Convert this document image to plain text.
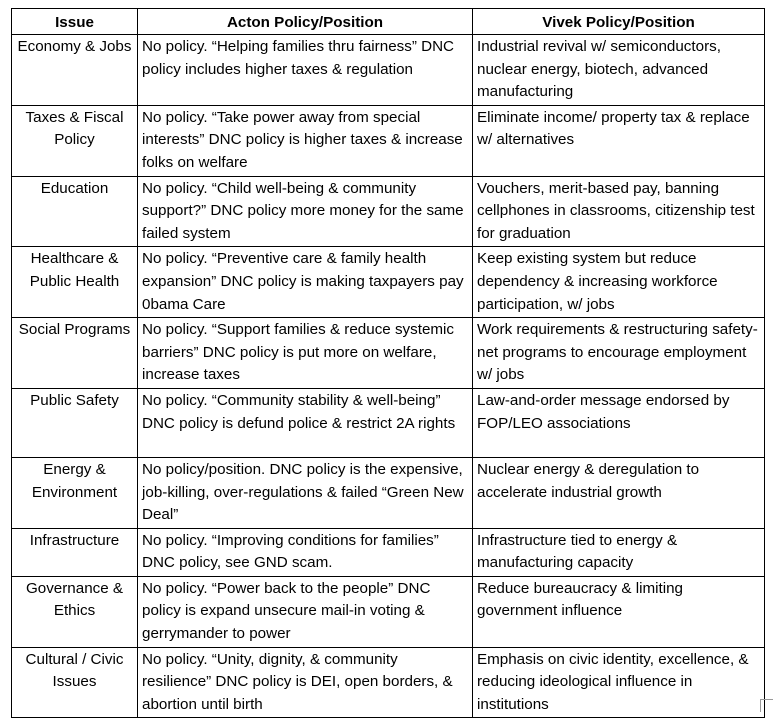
Issue	Acton Policy/Position	Vivek Policy/Position
Economy & Jobs	No policy. “Helping families thru fairness” DNC policy includes higher taxes & regulation	Industrial revival w/ semiconductors, nuclear energy, biotech, advanced manufacturing
Taxes & Fiscal Policy	No policy. “Take power away from special interests” DNC policy is higher taxes & increase folks on welfare	Eliminate income/ property tax & replace w/ alternatives
Education	No policy. “Child well-being & community support?” DNC policy more money for the same failed system	Vouchers, merit-based pay, banning cellphones in classrooms, citizenship test for graduation
Healthcare & Public Health	No policy. “Preventive care & family health expansion” DNC policy is making taxpayers pay 0bama Care	Keep existing system but reduce dependency & increasing workforce participation, w/ jobs
Social Programs	No policy. “Support families & reduce systemic barriers” DNC policy is put more on welfare, increase taxes	Work requirements & restructuring safety-net programs to encourage employment w/ jobs
Public Safety	No policy. “Community stability & well-being” DNC policy is defund police & restrict 2A rights	Law-and-order message endorsed by FOP/LEO associations
Energy & Environment	No policy/position. DNC policy is the expensive, job-killing, over-regulations & failed “Green New Deal”	Nuclear energy & deregulation to accelerate industrial growth
Infrastructure	No policy. “Improving conditions for families” DNC policy, see GND scam.	Infrastructure tied to energy & manufacturing capacity
Governance & Ethics	No policy. “Power back to the people” DNC policy is expand unsecure mail-in voting & gerrymander to power	Reduce bureaucracy & limiting government influence
Cultural / Civic Issues	No policy. “Unity, dignity, & community resilience” DNC policy is DEI, open borders, & abortion until birth	Emphasis on civic identity, excellence, & reducing ideological influence in institutions
